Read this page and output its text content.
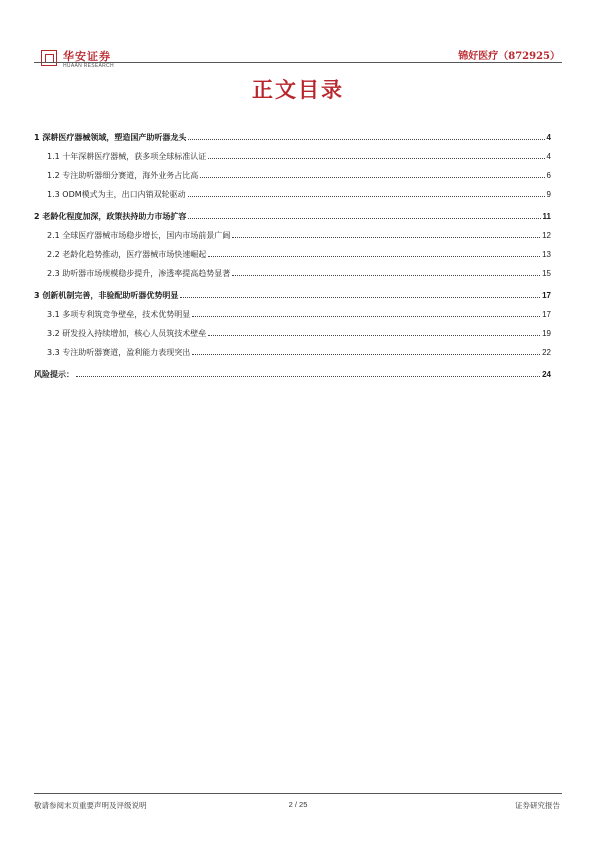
华安证券
HUAAN RESEARCH
锦好医疗（872925）
正文目录
1 深耕医疗器械领域，塑造国产助听器龙头	4
1.1 十年深耕医疗器械，获多项全球标准认证	4
1.2 专注助听器细分赛道，海外业务占比高	6
1.3 ODM模式为主，出口内销双轮驱动	9
2 老龄化程度加深，政策扶持助力市场扩容	11
2.1 全球医疗器械市场稳步增长，国内市场前景广阔	12
2.2 老龄化趋势推动，医疗器械市场快速崛起	13
2.3 助听器市场规模稳步提升，渗透率提高趋势显著	15
3 创新机制完善，非验配助听器优势明显	17
3.1 多项专利筑竞争壁垒，技术优势明显	17
3.2 研发投入持续增加，核心人员筑技术壁垒	19
3.3 专注助听器赛道，盈利能力表现突出	22
风险提示：	24
敬请参阅末页重要声明及评级说明	2 / 25	证券研究报告
